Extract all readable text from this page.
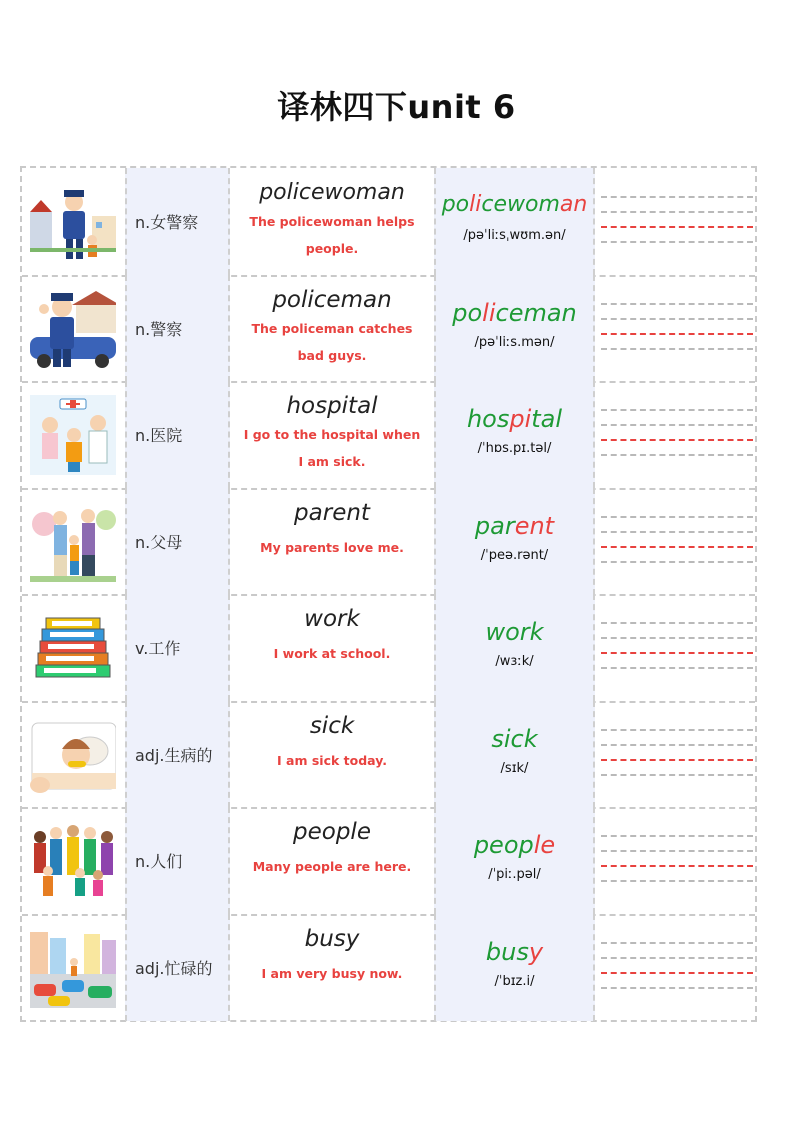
译林四下unit 6
n.女警察
policewoman
The policewoman helps people.
policewoman
/pəˈliːsˌwʊm.ən/
n.警察
policeman
The policeman catches bad guys.
policeman
/pəˈliːs.mən/
n.医院
hospital
I go to the hospital when I am sick.
hospital
/ˈhɒs.pɪ.təl/
n.父母
parent
My parents love me.
parent
/ˈpeə.rənt/
v.工作
work
I work at school.
work
/wɜːk/
adj.生病的
sick
I am sick today.
sick
/sɪk/
n.人们
people
Many people are here.
people
/ˈpiː.pəl/
adj.忙碌的
busy
I am very busy now.
busy
/ˈbɪz.i/
